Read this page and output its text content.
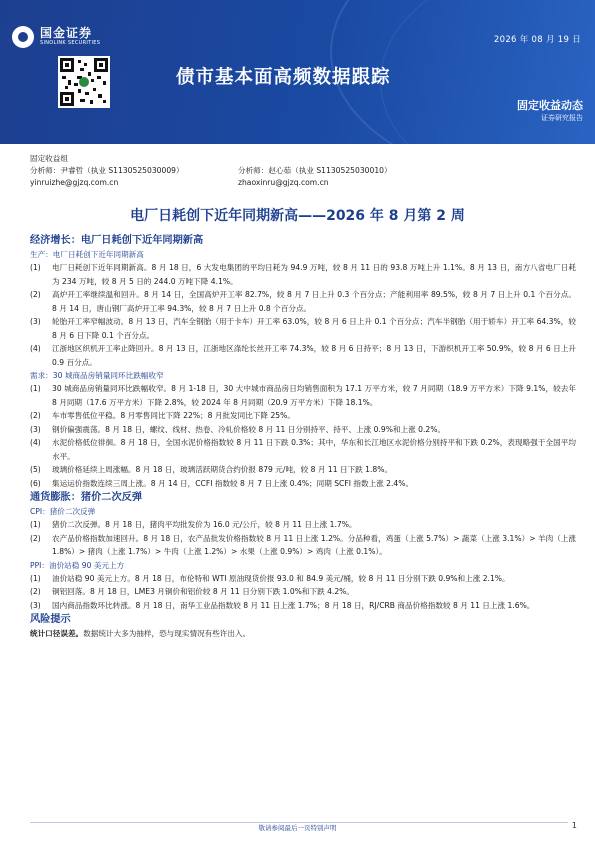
国金证券
SINOLINK SECURITIES	2026 年 08 月 19 日
债市基本面高频数据跟踪
固定收益动态
证券研究报告
固定收益组
分析师：尹睿哲（执业 S1130525030009）	分析师：赵心茹（执业 S1130525030010）
yinruizhe@gjzq.com.cn	zhaoxinru@gjzq.com.cn
电厂日耗创下近年同期新高——2026 年 8 月第 2 周
经济增长：电厂日耗创下近年同期新高
生产：电厂日耗创下近年同期新高
(1)	电厂日耗创下近年同期新高。8 月 18 日，6 大发电集团的平均日耗为 94.9 万吨，较 8 月 11 日的 93.8 万吨上升 1.1%。8 月 13 日，南方八省电厂日耗为 234 万吨，较 8 月 5 日的 244.0 万吨下降 4.1%。
(2)	高炉开工率继续温和回升。8 月 14 日，全国高炉开工率 82.7%，较 8 月 7 日上升 0.3 个百分点；产能利用率 89.5%，较 8 月 7 日上升 0.1 个百分点。8 月 14 日，唐山钢厂高炉开工率 94.3%，较 8 月 7 日上升 0.8 个百分点。
(3)	轮胎开工率窄幅波动。8 月 13 日，汽车全钢胎（用于卡车）开工率 63.0%，较 8 月 6 日上升 0.1 个百分点；汽车半钢胎（用于轿车）开工率 64.3%，较 8 月 6 日下降 0.1 个百分点。
(4)	江浙地区织机开工率止降回升。8 月 13 日，江浙地区涤纶长丝开工率 74.3%，较 8 月 6 日持平；8 月 13 日，下游织机开工率 50.9%，较 8 月 6 日上升 0.9 百分点。
需求：30 城商品房销量同环比跌幅收窄
(1)	30 城商品房销量同环比跌幅收窄。8 月 1-18 日，30 大中城市商品房日均销售面积为 17.1 万平方米，较 7 月同期（18.9 万平方米）下降 9.1%，较去年 8 月同期（17.6 万平方米）下降 2.8%，较 2024 年 8 月同期（20.9 万平方米）下降 18.1%。
(2)	车市零售低位平稳。8 月零售同比下降 22%；8 月批发同比下降 25%。
(3)	钢价偏强震荡。8 月 18 日，螺纹、线材、热卷、冷轧价格较 8 月 11 日分别持平、持平、上涨 0.9%和上涨 0.2%。
(4)	水泥价格低位徘徊。8 月 18 日，全国水泥价格指数较 8 月 11 日下跌 0.3%；其中，华东和长江地区水泥价格分别持平和下跌 0.2%，表现略强于全国平均水平。
(5)	玻璃价格延续上周涨幅。8 月 18 日，玻璃活跃期货合约价报 879 元/吨，较 8 月 11 日下跌 1.8%。
(6)	集运运价指数连续三周上涨。8 月 14 日，CCFI 指数较 8 月 7 日上涨 0.4%；同期 SCFI 指数上涨 2.4%。
通货膨胀：猪价二次反弹
CPI：猪价二次反弹
(1)	猪价二次反弹。8 月 18 日，猪肉平均批发价为 16.0 元/公斤，较 8 月 11 日上涨 1.7%。
(2)	农产品价格指数加速回升。8 月 18 日，农产品批发价格指数较 8 月 11 日上涨 1.2%。分品种看，鸡蛋（上涨 5.7%）> 蔬菜（上涨 3.1%）> 羊肉（上涨 1.8%）> 猪肉（上涨 1.7%）> 牛肉（上涨 1.2%）> 水果（上涨 0.9%）> 鸡肉（上涨 0.1%）。
PPI：油价站稳 90 美元上方
(1)	油价站稳 90 美元上方。8 月 18 日，布伦特和 WTI 原油现货价报 93.0 和 84.9 美元/桶，较 8 月 11 日分别下跌 0.9%和上涨 2.1%。
(2)	铜铝回落。8 月 18 日，LME3 月铜价和铝价较 8 月 11 日分别下跌 1.0%和下跌 4.2%。
(3)	国内商品指数环比转涨。8 月 18 日，南华工业品指数较 8 月 11 日上涨 1.7%；8 月 18 日，RJ/CRB 商品价格指数较 8 月 11 日上涨 1.6%。
风险提示
统计口径误差。数据统计大多为抽样，恐与现实情况有些许出入。
敬请参阅最后一页特别声明	1
